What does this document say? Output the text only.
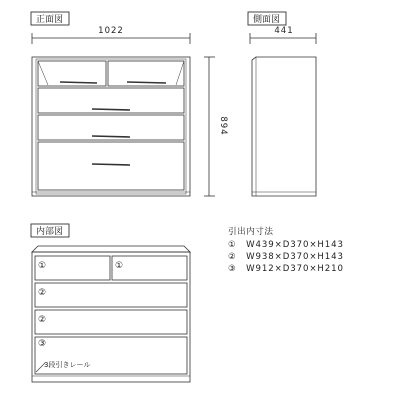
正面図
1022
894
側面図
441
内部図
①	①
②
②
③
3段引きレール
引出内寸法
①　W439×D370×H143
②　W938×D370×H143
③　W912×D370×H210
